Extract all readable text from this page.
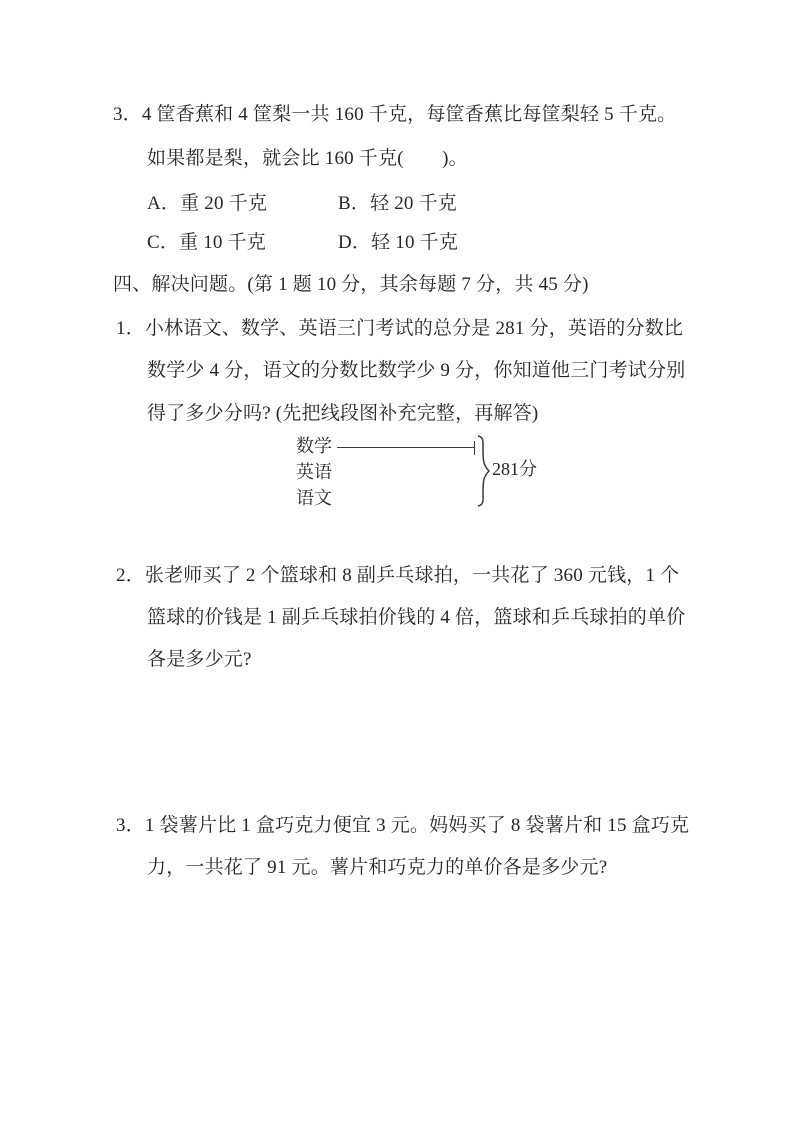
3．4 筐香蕉和 4 筐梨一共 160 千克，每筐香蕉比每筐梨轻 5 千克。
如果都是梨，就会比 160 千克(　　)。
A．重 20 千克	B．轻 20 千克
C．重 10 千克	D．轻 10 千克
四、解决问题。(第 1 题 10 分，其余每题 7 分，共 45 分)
1．小林语文、数学、英语三门考试的总分是 281 分，英语的分数比
数学少 4 分，语文的分数比数学少 9 分，你知道他三门考试分别
得了多少分吗? (先把线段图补充完整，再解答)
数学
英语
语文
281分
2．张老师买了 2 个篮球和 8 副乒乓球拍，一共花了 360 元钱，1 个
篮球的价钱是 1 副乒乓球拍价钱的 4 倍，篮球和乒乓球拍的单价
各是多少元?
3．1 袋薯片比 1 盒巧克力便宜 3 元。妈妈买了 8 袋薯片和 15 盒巧克
力，一共花了 91 元。薯片和巧克力的单价各是多少元?
